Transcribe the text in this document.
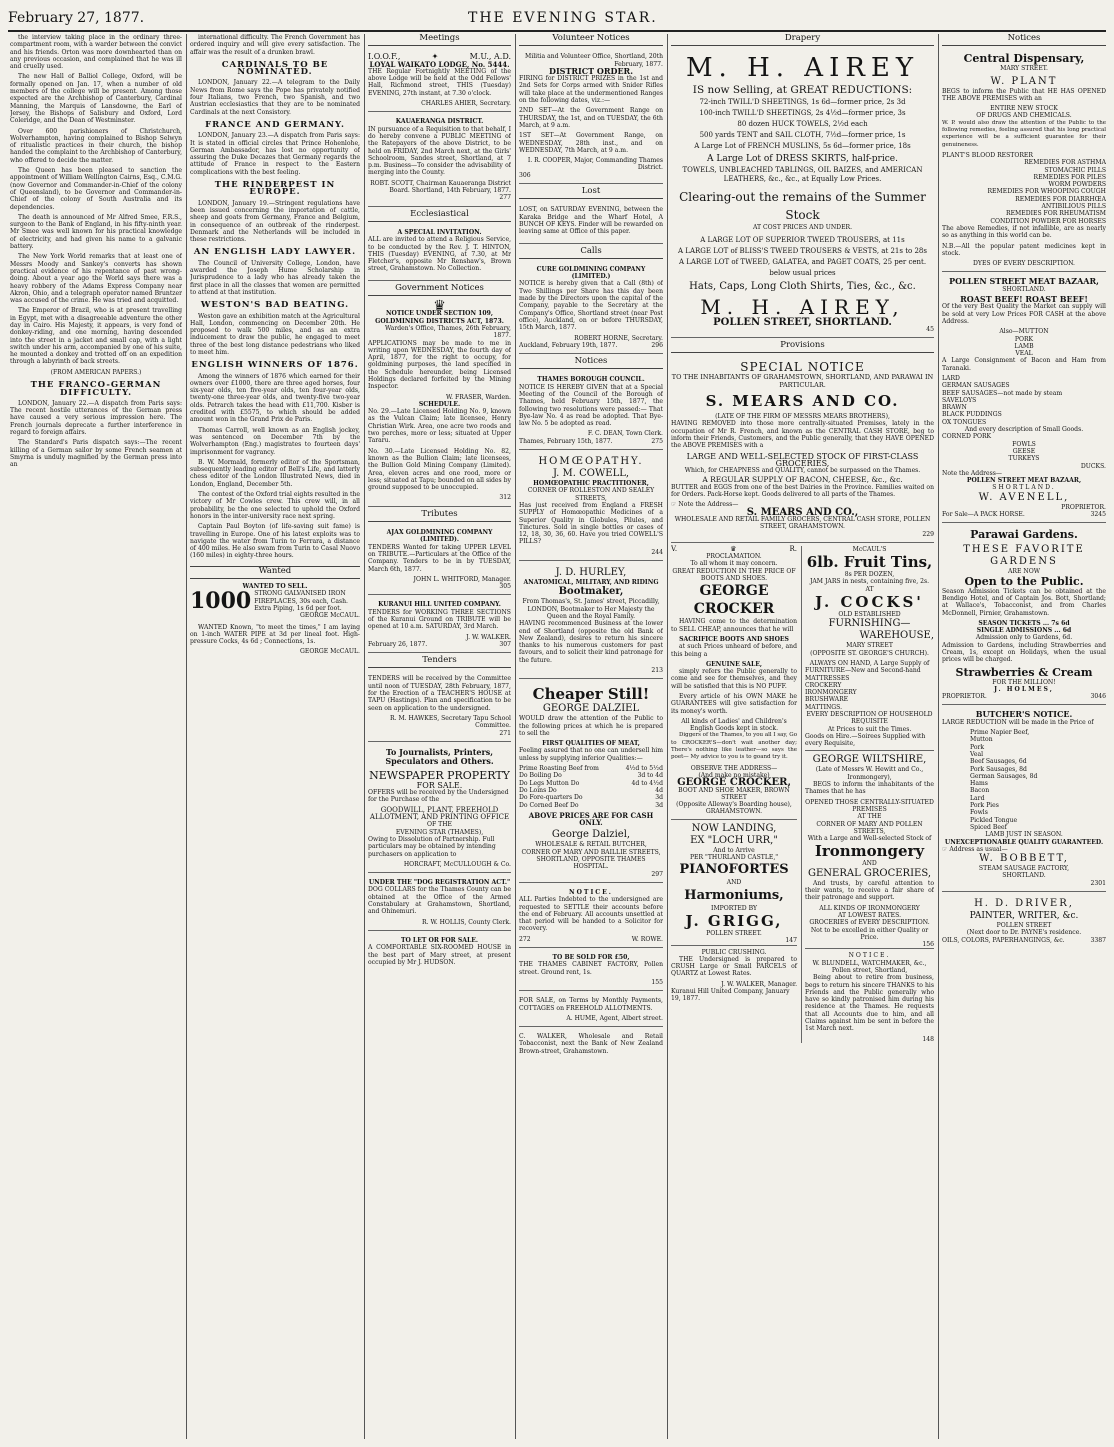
February 27, 1877.	THE EVENING STAR.

the interview taking place in the ordinary three-compartment room, with a warder between the convict and his friends. Orton was more downhearted than on any previous occasion, and complained that he was ill and cruelly used.

The new Hall of Balliol College, Oxford, will be formally opened on Jan. 17, when a number of old members of the college will be present. Among those expected are the Archbishop of Canterbury, Cardinal Manning, the Marquis of Lansdowne, the Earl of Jersey, the Bishops of Salisbury and Oxford, Lord Coleridge, and the Dean of Westminster.

Over 600 parishioners of Christchurch, Wolverhampton, having complained to Bishop Selwyn of ritualistic practices in their church, the bishop handed the complaint to the Archbishop of Canterbury, who offered to decide the matter.

The Queen has been pleased to sanction the appointment of William Wellington Cairns, Esq., C.M.G. (now Governor and Commander-in-Chief of the colony of Queensland), to be Governor and Commander-in-Chief of the colony of South Australia and its dependencies.

The death is announced of Mr Alfred Smee, F.R.S., surgeon to the Bank of England, in his fifty-ninth year. Mr Smee was well known for his practical knowledge of electricity, and had given his name to a galvanic battery.

The New York World remarks that at least one of Messrs Moody and Sankey's converts has shown practical evidence of his repentance of past wrong-doing. About a year ago the World says there was a heavy robbery of the Adams Express Company near Akron, Ohio, and a telegraph operator named Bruntzer was accused of the crime. He was tried and acquitted.

The Emperor of Brazil, who is at present travelling in Egypt, met with a disagreeable adventure the other day in Cairo. His Majesty, it appears, is very fond of donkey-riding, and one morning, having descended into the street in a jacket and small cap, with a light switch under his arm, accompanied by one of his suite, he mounted a donkey and trotted off on an expedition through a labyrinth of back streets.

(FROM AMERICAN PAPERS.)
THE FRANCO-GERMAN DIFFICULTY.

LONDON, January 22.—A dispatch from Paris says: The recent hostile utterances of the German press have caused a very serious impression here. The French journals deprecate a further interference in regard to foreign affairs.

The Standard's Paris dispatch says:—The recent killing of a German sailor by some French seamen at Smyrna is unduly magnified by the German press into an

international difficulty. The French Government has ordered inquiry and will give every satisfaction. The affair was the result of a drunken brawl.

CARDINALS TO BE NOMINATED.

LONDON, January 22.—A telegram to the Daily News from Rome says the Pope has privately notified four Italians, two French, two Spanish, and two Austrian ecclesiastics that they are to be nominated Cardinals at the next Consistory.

FRANCE AND GERMANY.

LONDON, January 23.—A dispatch from Paris says: It is stated in official circles that Prince Hohenlohe, German Ambassador, has lost no opportunity of assuring the Duke Decazes that Germany regards the attitude of France in respect to the Eastern complications with the best feeling.

THE RINDERPEST IN EUROPE.

LONDON, January 19.—Stringent regulations have been issued concerning the importation of cattle, sheep and goats from Germany, France and Belgium, in consequence of an outbreak of the rinderpest. Denmark and the Netherlands will be included in these restrictions.

AN ENGLISH LADY LAWYER.

The Council of University College, London, have awarded the Joseph Hume Scholarship in Jurisprudence to a lady who has already taken the first place in all the classes that women are permitted to attend at that institution.

WESTON'S BAD BEATING.

Weston gave an exhibition match at the Agricultural Hall, London, commencing on December 20th. He proposed to walk 500 miles, and as an extra inducement to draw the public, he engaged to meet three of the best long distance pedestrians who liked to meet him.

ENGLISH WINNERS OF 1876.

Among the winners of 1876 which earned for their owners over £1000, there are three aged horses, four six-year olds, ten five-year olds, ten four-year olds, twenty-one three-year olds, and twenty-five two-year olds. Petrarch takes the head with £11,700. Kisber is credited with £5575, to which should be added amount won in the Grand Prix de Paris.

Thomas Carroll, well known as an English jockey, was sentenced on December 7th by the Wolverhampton (Eng.) magistrates to fourteen days' imprisonment for vagrancy.

B. W. Mormald, formerly editor of the Sportsman, subsequently leading editor of Bell's Life, and latterly chess editor of the London Illustrated News, died in London, England, December 5th.

The contest of the Oxford trial eights resulted in the victory of Mr Cowles crew. This crew will, in all probability, be the one selected to uphold the Oxford honors in the inter-university race next spring.

Captain Paul Boyton (of life-saving suit fame) is travelling in Europe. One of his latest exploits was to navigate the water from Turin to Ferrara, a distance of 400 miles. He also swam from Turin to Casal Nuovo (160 miles) in eighty-three hours.

Wanted
WANTED TO SELL.
1000 STRONG GALVANISED IRON FIREPLACES, 30s each, Cash. Extra Piping, 1s 6d per foot.
GEORGE McCAUL.

WANTED Known, "to meet the times," I am laying on 1-inch WATER PIPE at 3d per lineal foot. High-pressure Cocks, 4s 6d ; Connections, 1s.

GEORGE McCAUL.
Meetings
I.O.O.F.,	✦	M.U., A.D.
LOYAL WAIKATO LODGE, No. 5444.

THE Regular Fortnightly MEETING of the above Lodge will be held at the Odd Fellows' Hall, Richmond street, THIS (Tuesday) EVENING, 27th instant, at 7.30 o'clock.

CHARLES AHIER, Secretary.
KAUAERANGA DISTRICT.

IN pursuance of a Requisition to that behalf, I do hereby convene a PUBLIC MEETING of the Ratepayers of the above District, to be held on FRIDAY, 2nd March next, at the Girls' Schoolroom, Sandes street, Shortland, at 7 p.m. Business—To consider the advisability of merging into the County.

ROBT. SCOTT, Chairman Kauaeranga District Board. Shortland, 14th February, 1877.
277
Ecclesiastical
A SPECIAL INVITATION.

ALL are invited to attend a Religious Service, to be conducted by the Rev. J. T. HINTON, THIS (Tuesday) EVENING, at 7.30, at Mr Fletcher's, opposite Mr Renshaw's, Brown street, Grahamstown. No Collection.

Government Notices
♛
NOTICE UNDER SECTION 109, GOLDMINING DISTRICTS ACT, 1873.
Warden's Office, Thames, 26th February, 1877.

APPLICATIONS may be made to me in writing upon WEDNESDAY, the fourth day of April, 1877, for the right to occupy, for goldmining purposes, the land specified in the Schedule hereunder, being Licensed Holdings declared forfeited by the Mining Inspector.

W. FRASER, Warden.
SCHEDULE.

No. 29.—Late Licensed Holding No. 9, known as the Vulcan Claim; late licensee, Henry Christian Wirk. Area, one acre two roods and two perches, more or less; situated at Upper Tararu.

No. 30.—Late Licensed Holding No. 82, known as the Bullion Claim; late licensees, the Bullion Gold Mining Company (Limited). Area, eleven acres and one rood, more or less; situated at Tapu; bounded on all sides by ground supposed to be unoccupied.

312
Tributes
AJAX GOLDMINING COMPANY (LIMITED).

TENDERS Wanted for taking UPPER LEVEL on TRIBUTE.—Particulars at the Office of the Company. Tenders to be in by TUESDAY, March 6th, 1877.

JOHN L. WHITFORD, Manager.
305
KURANUI HILL UNITED COMPANY.

TENDERS for WORKING THREE SECTIONS of the Kuranui Ground on TRIBUTE will be opened at 10 a.m. SATURDAY, 3rd March.

J. W. WALKER.
February 26, 1877.	307
Tenders

TENDERS will be received by the Committee until noon of TUESDAY, 28th February, 1877, for the Erection of a TEACHER'S HOUSE at TAPU (Hastings). Plan and specification to be seen on application to the undersigned.

R. M. HAWKES, Secretary Tapu School Committee.
271
To Journalists, Printers, Speculators and Others.
NEWSPAPER PROPERTY
FOR SALE.

OFFERS will be received by the Undersigned for the Purchase of the

GOODWILL, PLANT, FREEHOLD ALLOTMENT, AND PRINTING OFFICE
OF THE
EVENING STAR (THAMES),

Owing to Dissolution of Partnership. Full particulars may be obtained by intending purchasers on application to

HORCRAFT, McCULLOUGH & Co.
UNDER THE "DOG REGISTRATION ACT."

DOG COLLARS for the Thames County can be obtained at the Office of the Armed Constabulary at Grahamstown, Shortland, and Ohinemuri.

R. W. HOLLIS, County Clerk.
TO LET OR FOR SALE.

A COMFORTABLE SIX-ROOMED HOUSE in the best part of Mary street, at present occupied by Mr J. HUDSON.

Volunteer Notices
Militia and Volunteer Office, Shortland, 20th February, 1877.
DISTRICT ORDER.

FIRING for DISTRICT PRIZES in the 1st and 2nd Sets for Corps armed with Snider Rifles will take place at the undermentioned Ranges on the following dates, viz.:—

2ND SET—At the Government Range on THURSDAY, the 1st, and on TUESDAY, the 6th March, at 9 a.m.

1ST SET—At Government Range, on WEDNESDAY, 28th inst., and on WEDNESDAY, 7th March, at 9 a.m.

I. R. COOPER, Major, Commanding Thames District.
306
Lost

LOST, on SATURDAY EVENING, between the Karaka Bridge and the Wharf Hotel, A BUNCH OF KEYS. Finder will be rewarded on leaving same at Office of this paper.

Calls
CURE GOLDMINING COMPANY (LIMITED.)

NOTICE is hereby given that a Call (8th) of Two Shillings per Share has this day been made by the Directors upon the capital of the Company, payable to the Secretary at the Company's Office, Shortland street (near Post office), Auckland, on or before THURSDAY, 15th March, 1877.

ROBERT HORNE, Secretary.
Auckland, February 19th, 1877.	296
Notices
THAMES BOROUGH COUNCIL.

NOTICE IS HEREBY GIVEN that at a Special Meeting of the Council of the Borough of Thames, held February 15th, 1877, the following two resolutions were passed:— That Bye-law No. 4 as read be adopted. That Bye-law No. 5 be adopted as read.

F. C. DEAN, Town Clerk.
Thames, February 15th, 1877.	275
HOMŒOPATHY.
J. M. COWELL,
HOMŒOPATHIC PRACTITIONER,
CORNER OF ROLLESTON AND SEALEY STREETS,

Has just received from England a FRESH SUPPLY of Homœopathic Medicines of a Superior Quality in Globules, Pilules, and Tinctures. Sold in single bottles or cases of 12, 18, 30, 36, 60. Have you tried COWELL'S PILLS?

244
J. D. HURLEY,
ANATOMICAL, MILITARY, AND RIDING
Bootmaker,
From Thomas's, St. James' street, Piccadilly, LONDON, Bootmaker to Her Majesty the Queen and the Royal Family.

HAVING recommenced Business at the lower end of Shortland (opposite the old Bank of New Zealand), desires to return his sincere thanks to his numerous customers for past favours, and to solicit their kind patronage for the future.

213
Cheaper Still!
GEORGE DALZIEL

WOULD draw the attention of the Public to the following prices at which he is prepared to sell the

FIRST QUALITIES OF MEAT,

Feeling assured that no one can undersell him unless by supplying inferior Qualities:—

Prime Roasting Beef from	4½d to 5½d
Do Boiling Do	3d to 4d
Do Legs Mutton Do	4d to 4½d
Do Loins Do	4d
Do Fore-quarters Do	3d
Do Corned Beef Do	3d
ABOVE PRICES ARE FOR CASH ONLY.
George Dalziel,
WHOLESALE & RETAIL BUTCHER,
CORNER OF MARY AND BAILLIE STREETS, SHORTLAND, OPPOSITE THAMES HOSPITAL.
297
NOTICE.

ALL Parties Indebted to the undersigned are requested to SETTLE their accounts before the end of February. All accounts unsettled at that period will be handed to a Solicitor for recovery.

272	W. ROWE.
TO BE SOLD FOR £50,

THE THAMES CABINET FACTORY, Pollen street. Ground rent, 1s.

155

FOR SALE, on Terms by Monthly Payments, COTTAGES on FREEHOLD ALLOTMENTS.

A. HUME, Agent, Albert street.

C. WALKER, Wholesale and Retail Tobacconist, next the Bank of New Zealand Brown-street, Grahamstown.

Drapery
M. H. AIREY
IS now Selling, at GREAT REDUCTIONS:
72-inch TWILL'D SHEETINGS, 1s 6d—former price, 2s 3d
100-inch TWILL'D SHEETINGS, 2s 4½d—former price, 3s
80 dozen HUCK TOWELS, 2½d each
500 yards TENT and SAIL CLOTH, 7½d—former price, 1s
A Large Lot of FRENCH MUSLINS, 5s 6d—former price, 18s
A Large Lot of DRESS SKIRTS, half-price.
TOWELS, UNBLEACHED TABLINGS, OIL BAIZES, and AMERICAN LEATHERS, &c., &c., at Equally Low Prices.
Clearing-out the remains of the Summer Stock
AT COST PRICES AND UNDER.
A LARGE LOT OF SUPERIOR TWEED TROUSERS, at 11s
A LARGE LOT of BLISS'S TWEED TROUSERS & VESTS, at 21s to 28s
A LARGE LOT of TWEED, GALATEA, and PAGET COATS, 25 per cent. below usual prices
Hats, Caps, Long Cloth Shirts, Ties, &c., &c.
M. H. AIREY,
POLLEN STREET, SHORTLAND.
45
Provisions
SPECIAL NOTICE
TO THE INHABITANTS OF GRAHAMSTOWN, SHORTLAND, AND PARAWAI IN PARTICULAR.
S. MEARS AND CO.
(LATE OF THE FIRM OF MESSRS MEARS BROTHERS),

HAVING REMOVED into those more centrally-situated Premises, lately in the occupation of Mr R. French, and known as the CENTRAL CASH STORE, beg to inform their Friends, Customers, and the Public generally, that they HAVE OPENED the ABOVE PREMISES with a

LARGE AND WELL-SELECTED STOCK OF FIRST-CLASS GROCERIES,
Which, for CHEAPNESS and QUALITY, cannot be surpassed on the Thames.
A REGULAR SUPPLY OF BACON, CHEESE, &c., &c.

BUTTER and EGGS from one of the best Dairies in the Province. Families waited on for Orders. Pack-Horse kept. Goods delivered to all parts of the Thames.

☞ Note the Address—
S. MEARS AND CO.,
WHOLESALE AND RETAIL FAMILY GROCERS, CENTRAL CASH STORE, POLLEN STREET, GRAHAMSTOWN.
229
V.	♛	R.
PROCLAMATION.
To all whom it may concern.
GREAT REDUCTION IN THE PRICE OF BOOTS AND SHOES.
GEORGE CROCKER

HAVING come to the determination to SELL CHEAP, announces that he will

SACRIFICE BOOTS AND SHOES

at such Prices unheard of before, and this being a

GENUINE SALE,

simply refers the Public generally to come and see for themselves, and they will be satisfied that this is NO PUFF.

Every article of his OWN MAKE he GUARANTEES will give satisfaction for its money's worth.

All kinds of Ladies' and Children's English Goods kept in stock.

Diggers of the Thames, to you all I say, Go to CROCKER'S—don't wait another day; There's nothing like leather—so says the poet— My advice to you is to goand try it.

OBSERVE THE ADDRESS—
(And make no mistake)
GEORGE CROCKER,
BOOT AND SHOE MAKER, BROWN STREET
(Opposite Alleway's Boarding house), GRAHAMSTOWN.
NOW LANDING,
EX "LOCH URR,"
And to Arrive
PER "THURLAND CASTLE,"
PIANOFORTES
AND
Harmoniums,
IMPORTED BY
J. GRIGG,
POLLEN STREET.
147
PUBLIC CRUSHING.

THE Undersigned is prepared to CRUSH Large or Small PARCELS of QUARTZ at Lowest Rates.

J. W. WALKER, Manager.
Kuranui Hill United Company, January 19, 1877.
McCAUL'S
6lb. Fruit Tins,
8s PER DOZEN,
JAM JARS in nests, containing five, 2s.
AT
J. COCKS'
OLD ESTABLISHED
FURNISHING—
WAREHOUSE,
MARY STREET
(OPPOSITE ST. GEORGE'S CHURCH).
ALWAYS ON HAND, A Large Supply of
FURNITURE—New and Second-hand
MATTRESSES
CROCKERY
IRONMONGERY
BRUSHWARE
MATTINGS.
EVERY DESCRIPTION OF HOUSEHOLD REQUISITE
At Prices to suit the Times.
Goods on Hire.—Soirees Supplied with every Requisite,
GEORGE WILTSHIRE,
(Late of Messrs W. Hewitt and Co., Ironmongery),

BEGS to inform the inhabitants of the Thames that he has

OPENED THOSE CENTRALLY-SITUATED PREMISES
AT THE
CORNER OF MARY AND POLLEN STREETS,
With a Large and Well-selected Stock of
Ironmongery
AND
GENERAL GROCERIES,

And trusts, by careful attention to their wants, to receive a fair share of their patronage and support.

ALL KINDS OF IRONMONGERY
AT LOWEST RATES.
GROCERIES of EVERY DESCRIPTION. Not to be excelled in either Quality or Price.
156
NOTICE.
W. BLUNDELL, WATCHMAKER, &c., Pollen street, Shortland,

Being about to retire from business, begs to return his sincere THANKS to his Friends and the Public generally who have so kindly patronised him during his residence at the Thames. He requests that all Accounts due to him, and all Claims against him be sent in before the 1st March next.

148
Notices
Central Dispensary,
MARY STREET.
W. PLANT

BEGS to inform the Public that HE HAS OPENED THE ABOVE PREMISES with an

ENTIRE NEW STOCK
OF DRUGS AND CHEMICALS.

W. P. would also draw the attention of the Public to the following remedies, feeling assured that his long practical experience will be a sufficient guarantee for their genuineness.

PLANT'S BLOOD RESTORER
REMEDIES FOR ASTHMA
STOMACHIC PILLS
REMEDIES FOR PILES
WORM POWDERS
REMEDIES FOR WHOOPING COUGH
REMEDIES FOR DIARRHŒA
ANTIBILIOUS PILLS
REMEDIES FOR RHEUMATISM
CONDITION POWDER FOR HORSES

The above Remedies, if not infallible, are as nearly so as anything in this world can be.

N.B.—All the popular patent medicines kept in stock.

DYES OF EVERY DESCRIPTION.
POLLEN STREET MEAT BAZAAR,
SHORTLAND.
ROAST BEEF! ROAST BEEF!

Of the very Best Quality the Market can supply will be sold at very Low Prices FOR CASH at the above Address.

Also—MUTTON
PORK
LAMB
VEAL

A Large Consignment of Bacon and Ham from Taranaki.

LARD
GERMAN SAUSAGES
BEEF SAUSAGES—not made by steam
SAVELOYS
BRAWN
BLACK PUDDINGS
OX TONGUES
And every description of Small Goods.
CORNED PORK
FOWLS
GEESE
TURKEYS
DUCKS.
Note the Address—
POLLEN STREET MEAT BAZAAR,
SHORTLAND.
W. AVENELL,
PROPRIETOR.
For Sale—A PACK HORSE.	3245
Parawai Gardens.
THESE FAVORITE GARDENS
ARE NOW
Open to the Public.

Season Admission Tickets can be obtained at the Bendigo Hotel, and of Captain Jos. Bott, Shortland; at Wallace's, Tobacconist, and from Charles McDonnell, Pirnier, Grahamstown.

SEASON TICKETS ... 7s 6d
SINGLE ADMISSIONS ... 6d
Admission only to Gardens, 6d.

Admission to Gardens, including Strawberries and Cream, 1s, except on Holidays, when the usual prices will be charged.

Strawberries & Cream
FOR THE MILLION!
J. HOLMES,
PROPRIETOR.	3046
BUTCHER'S NOTICE.

LARGE REDUCTION will be made in the Price of

Prime Napier Beef,
Mutton
Pork
Veal
Beef Sausages, 6d
Pork Sausages, 8d
German Sausages, 8d
Hams
Bacon
Lard
Pork Pies
Fowls
Pickled Tongue
Spiced Beef
LAMB JUST IN SEASON.
UNEXCEPTIONABLE QUALITY GUARANTEED.
☞ Address as usual—
W. BOBBETT,
STEAM SAUSAGE FACTORY,
SHORTLAND.
2301
H. D. DRIVER,
PAINTER, WRITER, &c.
POLLEN STREET
(Next door to Dr. PAYNE's residence.
OILS, COLORS, PAPERHANGINGS, &c.	3387
